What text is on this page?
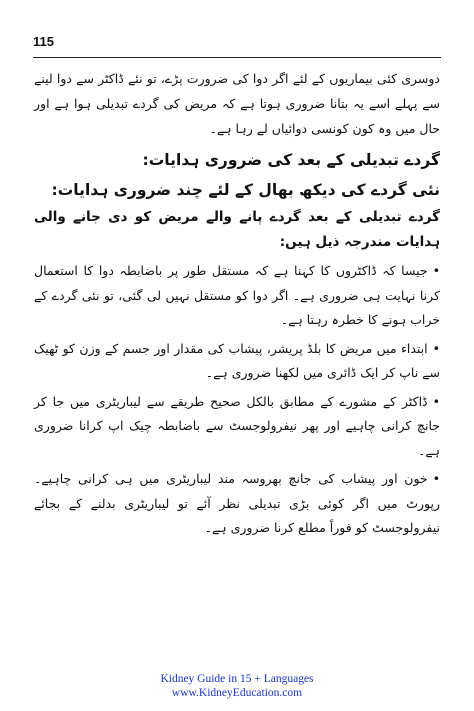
115

دوسری کئی بیماریوں کے لئے اگر دوا کی ضرورت پڑے، تو نئے ڈاکٹر سے دوا لینے سے پہلے اسے یہ بتانا ضروری ہوتا ہے کہ مریض کی گردے تبدیلی ہوا ہے اور حال میں وہ کون کونسی دوائیاں لے رہا ہے۔

گردے تبدیلی کے بعد کی ضروری ہدایات:
نئی گردے کی دیکھ بھال کے لئے چند ضروری ہدایات:

گردے تبدیلی کے بعد گردے پانے والے مریض کو دی جانے والی ہدایات مندرجہ ذیل ہیں:

•جیسا کہ ڈاکٹروں کا کہنا ہے کہ مستقل طور پر باضابطہ دوا کا استعمال کرنا نہایت ہی ضروری ہے۔ اگر دوا کو مستقل نہیں لی گئی، تو نئی گردے کے خراب ہونے کا خطرہ رہتا ہے۔
•ابتداء میں مریض کا بلڈ پریشر، پیشاب کی مقدار اور جسم کے وزن کو ٹھیک سے ناپ کر ایک ڈائری میں لکھنا ضروری ہے۔
•ڈاکٹر کے مشورے کے مطابق بالکل صحیح طریقے سے لیباریٹری میں جا کر جانچ کرانی چاہیے اور پھر نیفرولوجسٹ سے باضابطہ چیک اپ کرانا ضروری ہے۔
•خون اور پیشاب کی جانچ بھروسہ مند لیباریٹری میں ہی کرانی چاہیے۔ رپورٹ میں اگر کوئی بڑی تبدیلی نظر آئے تو لیباریٹری بدلنے کے بجائے نیفرولوجسٹ کو فوراً مطلع کرنا ضروری ہے۔
Kidney Guide in 15 + Languages
www.KidneyEducation.com
